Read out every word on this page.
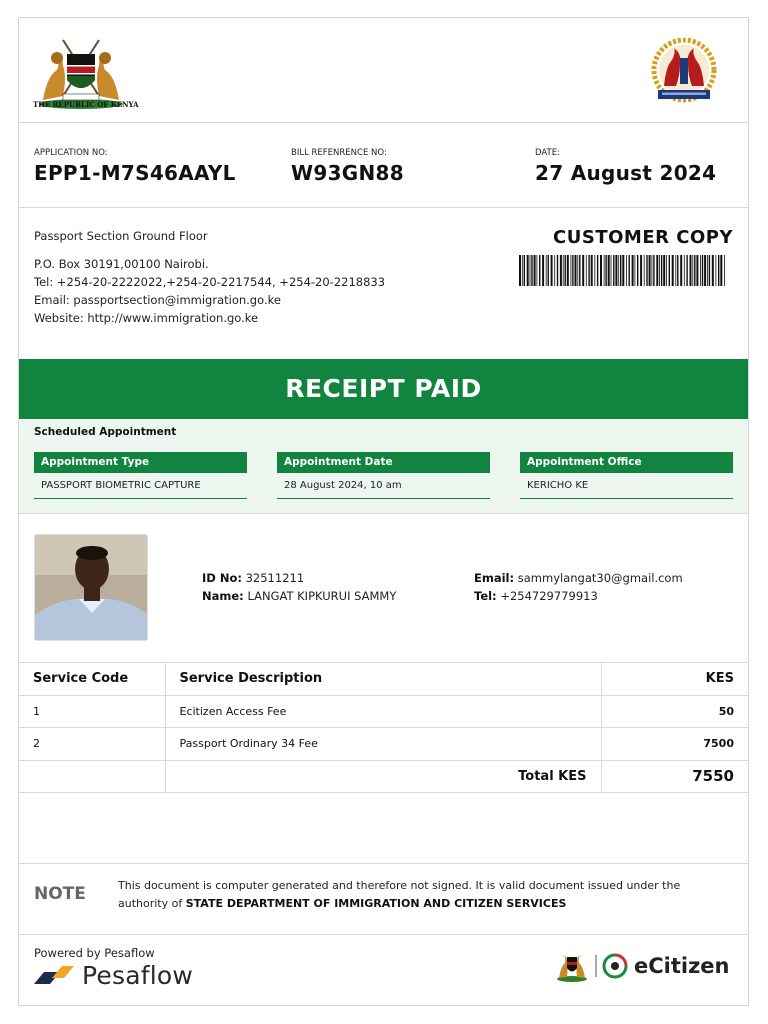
THE REPUBLIC OF KENYA
APPLICATION NO:
EPP1-M7S46AAYL
BILL REFENRENCE NO:
W93GN88
DATE:
27 August 2024
Passport Section Ground Floor
P.O. Box 30191,00100 Nairobi.
Tel: +254-20-2222022,+254-20-2217544, +254-20-2218833
Email: passportsection@immigration.go.ke
Website: http://www.immigration.go.ke
CUSTOMER COPY
RECEIPT PAID
Scheduled Appointment
Appointment Type
PASSPORT BIOMETRIC CAPTURE
Appointment Date
28 August 2024, 10 am
Appointment Office
KERICHO KE
ID No: 32511211
Name: LANGAT KIPKURUI SAMMY
Email: sammylangat30@gmail.com
Tel: +254729779913
Service Code	Service Description	KES
1	Ecitizen Access Fee	50
2	Passport Ordinary 34 Fee	7500
	Total KES	7550
NOTE	This document is computer generated and therefore not signed. It is valid document issued under the authority of STATE DEPARTMENT OF IMMIGRATION AND CITIZEN SERVICES
Powered by Pesaflow
Pesaflow	eCitizen
